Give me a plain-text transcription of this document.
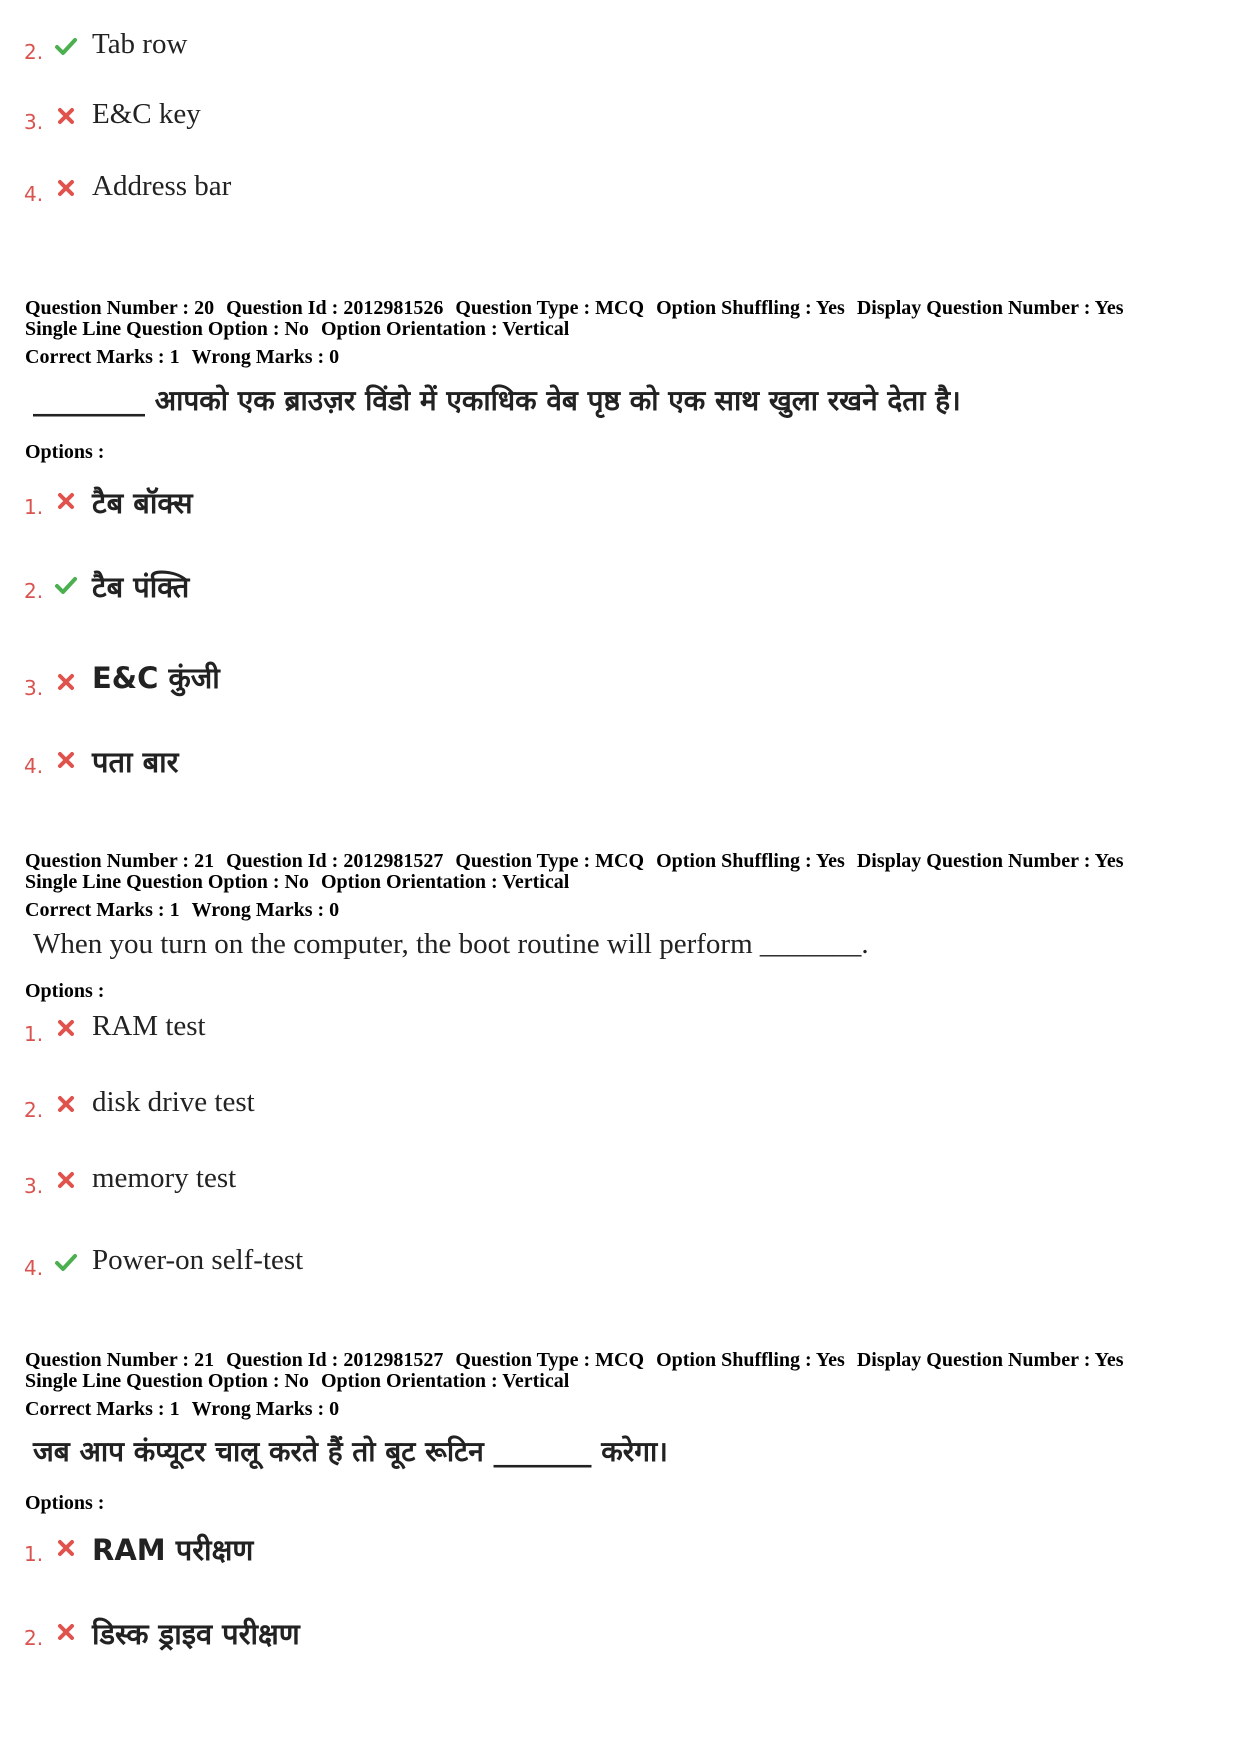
2. Tab row
3. E&C key
4. Address bar
Question Number : 20 Question Id : 2012981526 Question Type : MCQ Option Shuffling : Yes Display Question Number : Yes
Single Line Question Option : No Option Orientation : Vertical
Correct Marks : 1 Wrong Marks : 0
________ आपको एक ब्राउज़र विंडो में एकाधिक वेब पृष्ठ को एक साथ खुला रखने देता है।
Options :
1. टैब बॉक्स
2. टैब पंक्ति
3. E&C कुंजी
4. पता बार
Question Number : 21 Question Id : 2012981527 Question Type : MCQ Option Shuffling : Yes Display Question Number : Yes
Single Line Question Option : No Option Orientation : Vertical
Correct Marks : 1 Wrong Marks : 0
When you turn on the computer, the boot routine will perform _______.
Options :
1. RAM test
2. disk drive test
3. memory test
4. Power-on self-test
Question Number : 21 Question Id : 2012981527 Question Type : MCQ Option Shuffling : Yes Display Question Number : Yes
Single Line Question Option : No Option Orientation : Vertical
Correct Marks : 1 Wrong Marks : 0
जब आप कंप्यूटर चालू करते हैं तो बूट रूटिन _______ करेगा।
Options :
1. RAM परीक्षण
2. डिस्क ड्राइव परीक्षण
